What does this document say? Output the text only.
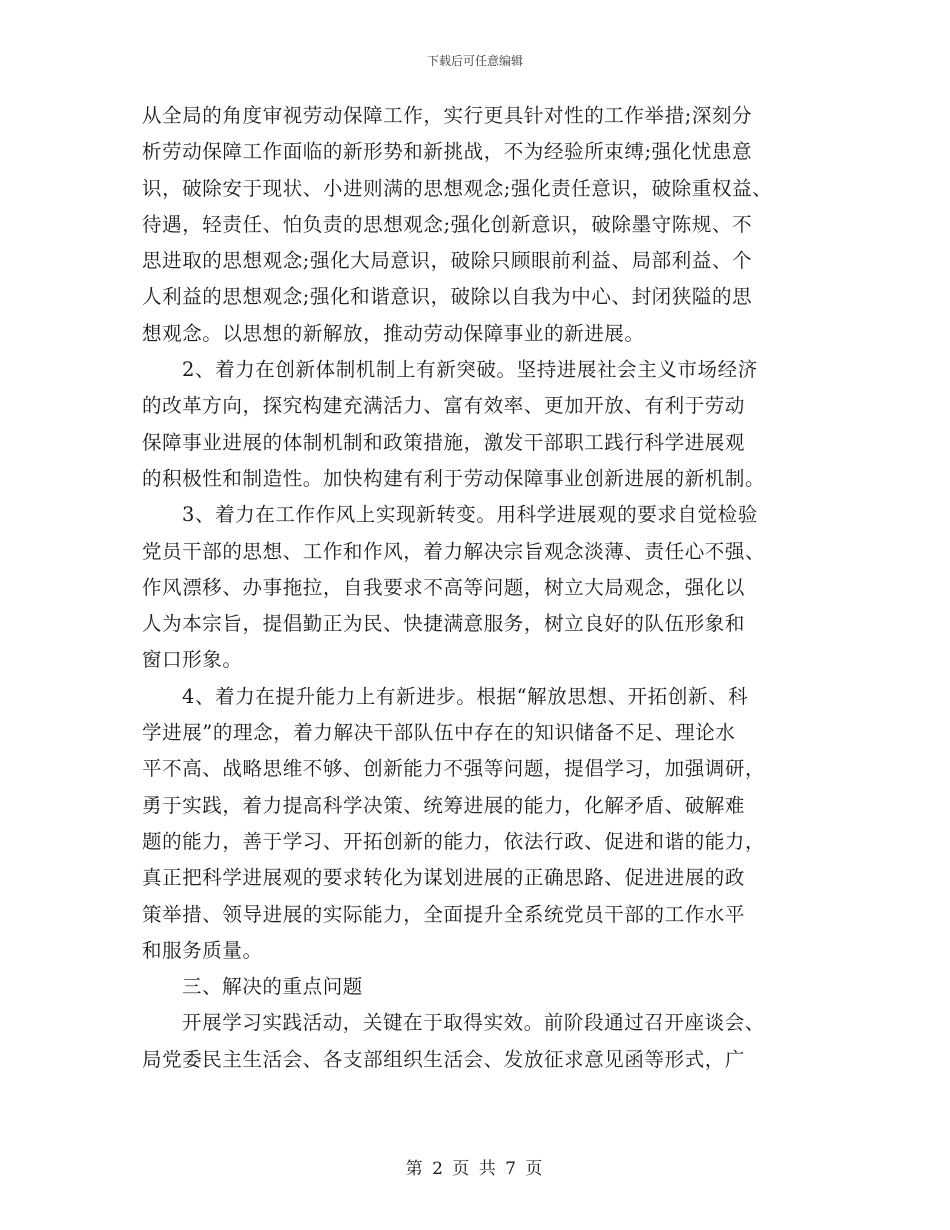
下载后可任意编辑
从全局的角度审视劳动保障工作，实行更具针对性的工作举措;深刻分
析劳动保障工作面临的新形势和新挑战，不为经验所束缚;强化忧患意
识，破除安于现状、小进则满的思想观念;强化责任意识，破除重权益、
待遇，轻责任、怕负责的思想观念;强化创新意识，破除墨守陈规、不
思进取的思想观念;强化大局意识，破除只顾眼前利益、局部利益、个
人利益的思想观念;强化和谐意识，破除以自我为中心、封闭狭隘的思
想观念。以思想的新解放，推动劳动保障事业的新进展。
2、着力在创新体制机制上有新突破。坚持进展社会主义市场经济
的改革方向，探究构建充满活力、富有效率、更加开放、有利于劳动
保障事业进展的体制机制和政策措施，激发干部职工践行科学进展观
的积极性和制造性。加快构建有利于劳动保障事业创新进展的新机制。
3、着力在工作作风上实现新转变。用科学进展观的要求自觉检验
党员干部的思想、工作和作风，着力解决宗旨观念淡薄、责任心不强、
作风漂移、办事拖拉，自我要求不高等问题，树立大局观念，强化以
人为本宗旨，提倡勤正为民、快捷满意服务，树立良好的队伍形象和
窗口形象。
4、着力在提升能力上有新进步。根据“解放思想、开拓创新、科
学进展”的理念，着力解决干部队伍中存在的知识储备不足、理论水
平不高、战略思维不够、创新能力不强等问题，提倡学习，加强调研，
勇于实践，着力提高科学决策、统筹进展的能力，化解矛盾、破解难
题的能力，善于学习、开拓创新的能力，依法行政、促进和谐的能力，
真正把科学进展观的要求转化为谋划进展的正确思路、促进进展的政
策举措、领导进展的实际能力，全面提升全系统党员干部的工作水平
和服务质量。
三、解决的重点问题
开展学习实践活动，关键在于取得实效。前阶段通过召开座谈会、
局党委民主生活会、各支部组织生活会、发放征求意见函等形式，广
第 2 页 共 7 页
